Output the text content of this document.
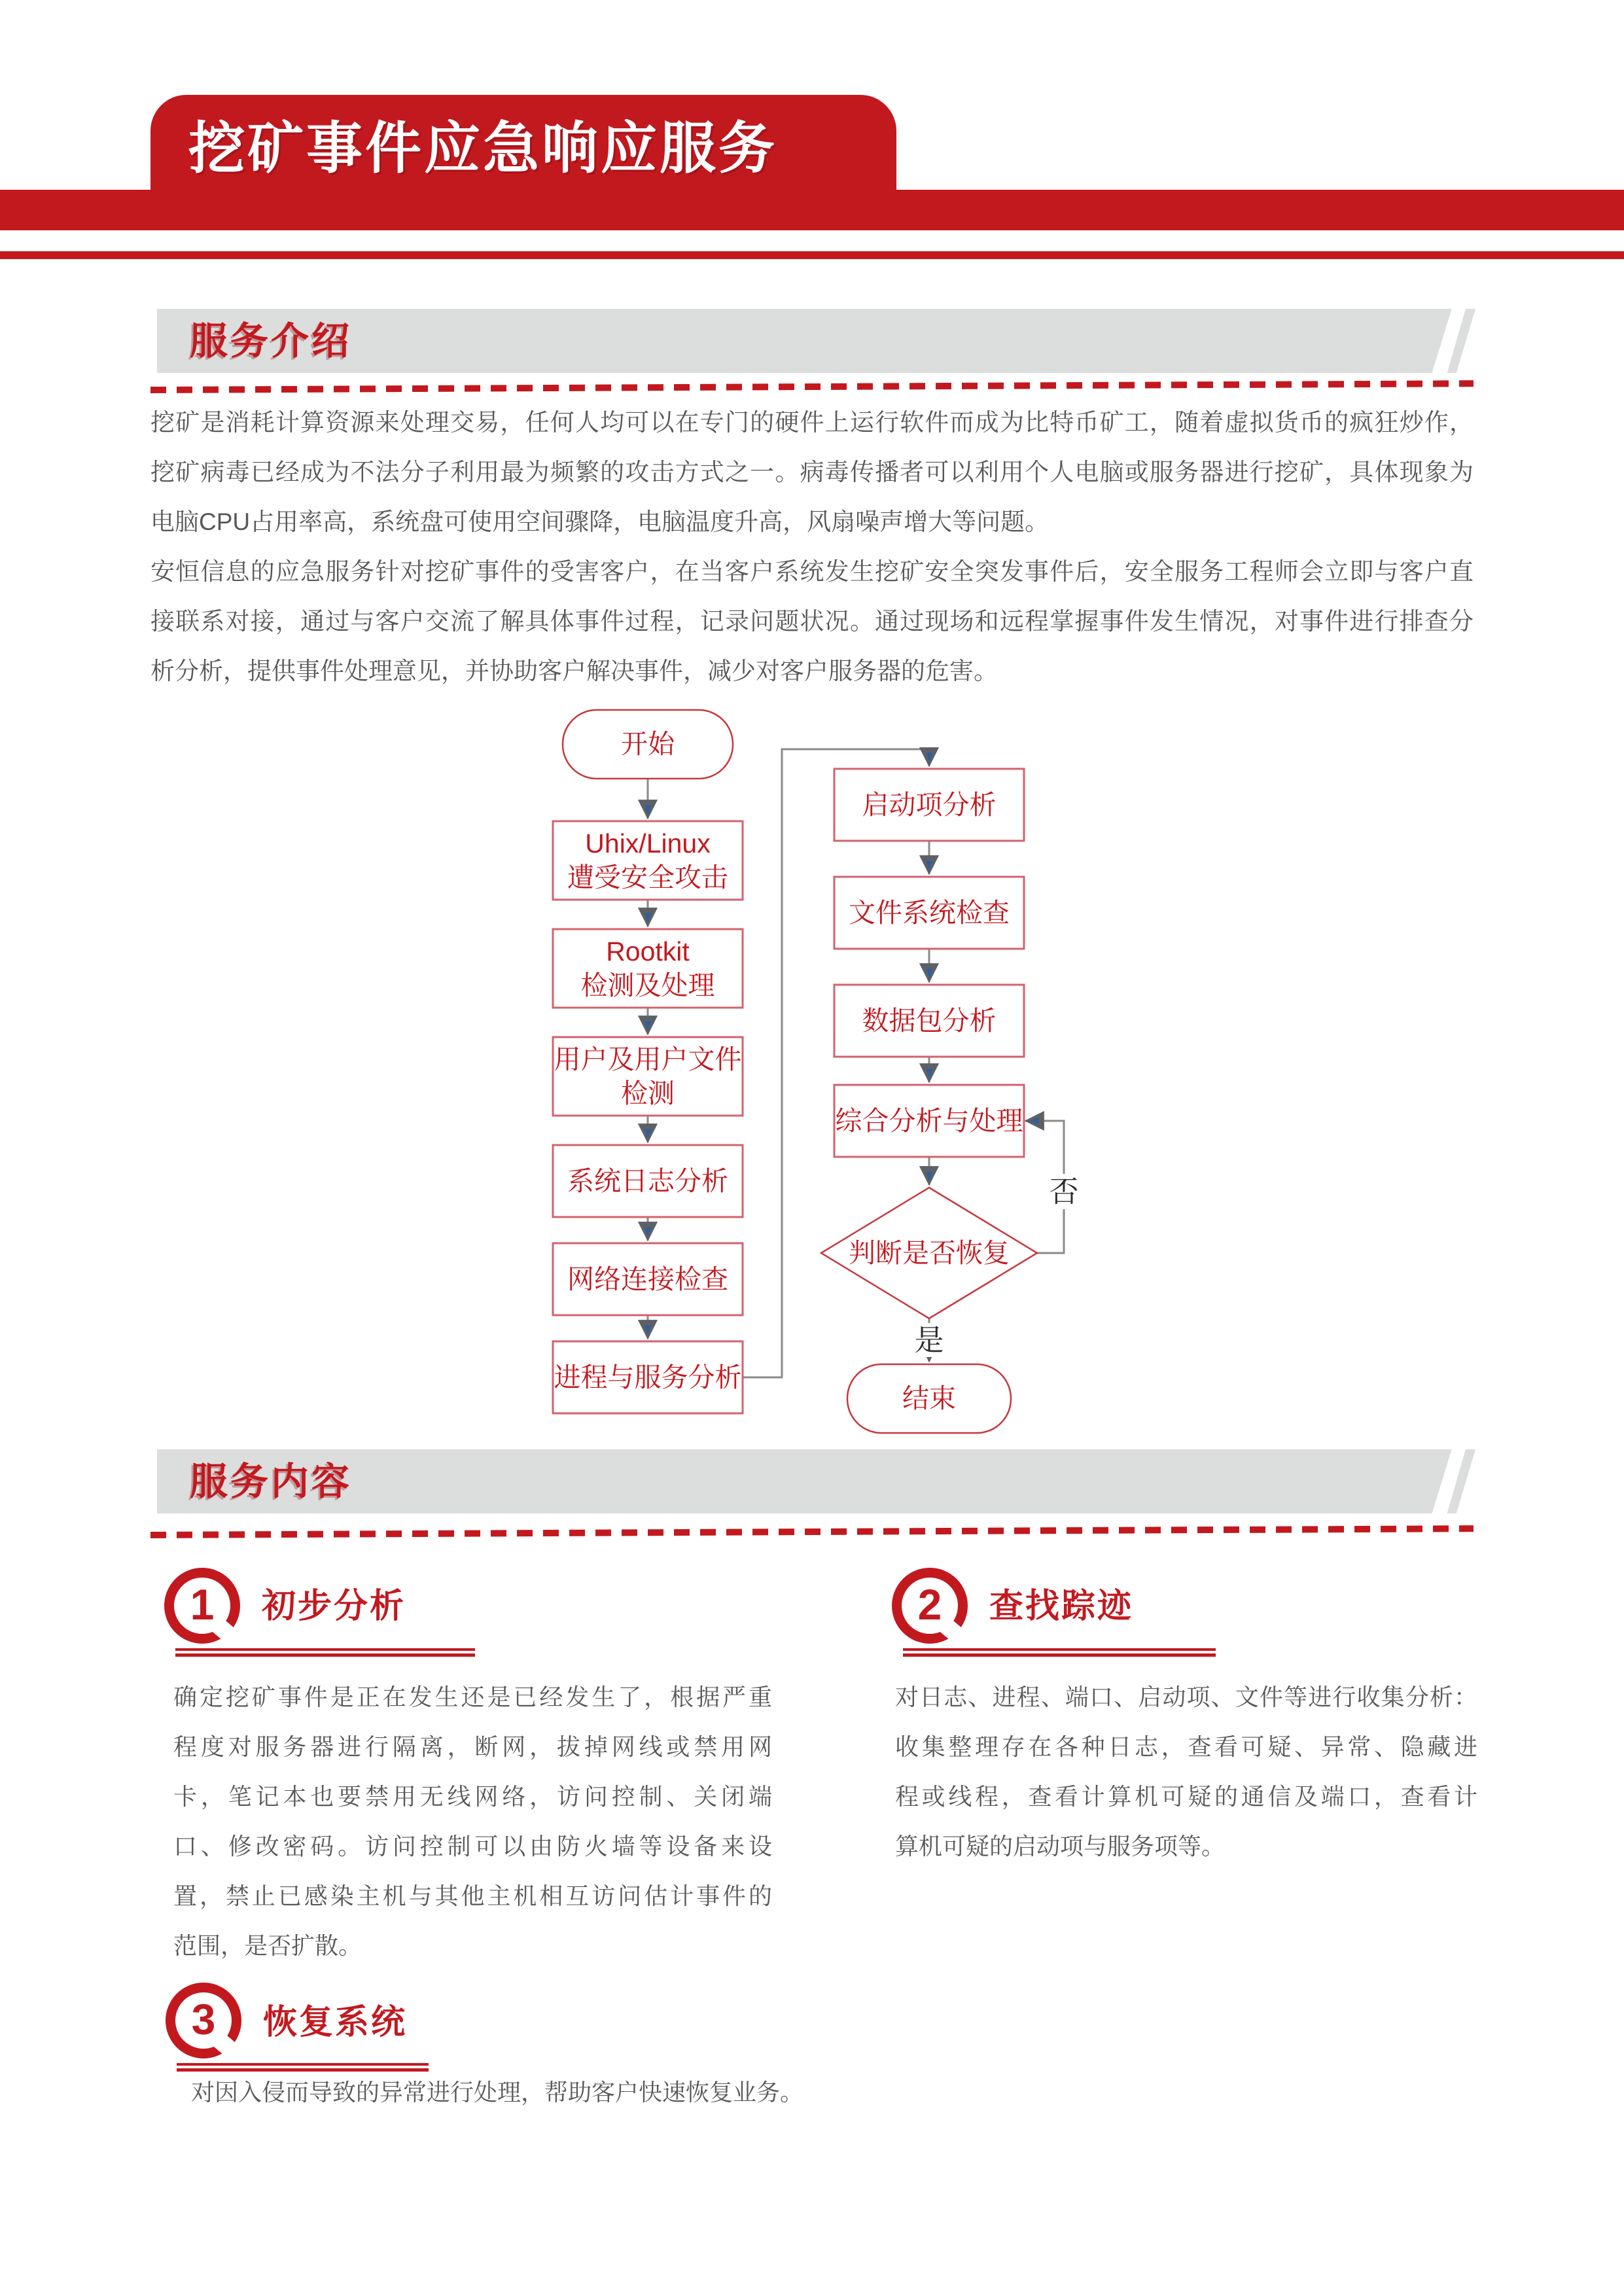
挖矿事件应急响应服务
服务介绍
挖矿是消耗计算资源来处理交易，任何人均可以在专门的硬件上运行软件而成为比特币矿工，随着虚拟货币的疯狂炒作，
挖矿病毒已经成为不法分子利用最为频繁的攻击方式之一。病毒传播者可以利用个人电脑或服务器进行挖矿，具体现象为
电脑CPU占用率高，系统盘可使用空间骤降，电脑温度升高，风扇噪声增大等问题。
安恒信息的应急服务针对挖矿事件的受害客户，在当客户系统发生挖矿安全突发事件后，安全服务工程师会立即与客户直
接联系对接，通过与客户交流了解具体事件过程，记录问题状况。通过现场和远程掌握事件发生情况，对事件进行排查分
析分析，提供事件处理意见，并协助客户解决事件，减少对客户服务器的危害。
开始
Uhix/Linux
遭受安全攻击
Rootkit
检测及处理
用户及用户文件
检测
系统日志分析
网络连接检查
进程与服务分析
启动项分析
文件系统检查
数据包分析
综合分析与处理
判断是否恢复
是
否
结束
服务内容
1	初步分析
确定挖矿事件是正在发生还是已经发生了，根据严重
程度对服务器进行隔离，断网，拔掉网线或禁用网
卡，笔记本也要禁用无线网络，访问控制、关闭端
口、修改密码。访问控制可以由防火墙等设备来设
置，禁止已感染主机与其他主机相互访问估计事件的
范围，是否扩散。
2	查找踪迹
对日志、进程、端口、启动项、文件等进行收集分析：
收集整理存在各种日志，查看可疑、异常、隐藏进
程或线程，查看计算机可疑的通信及端口，查看计
算机可疑的启动项与服务项等。
3	恢复系统
对因入侵而导致的异常进行处理，帮助客户快速恢复业务。
